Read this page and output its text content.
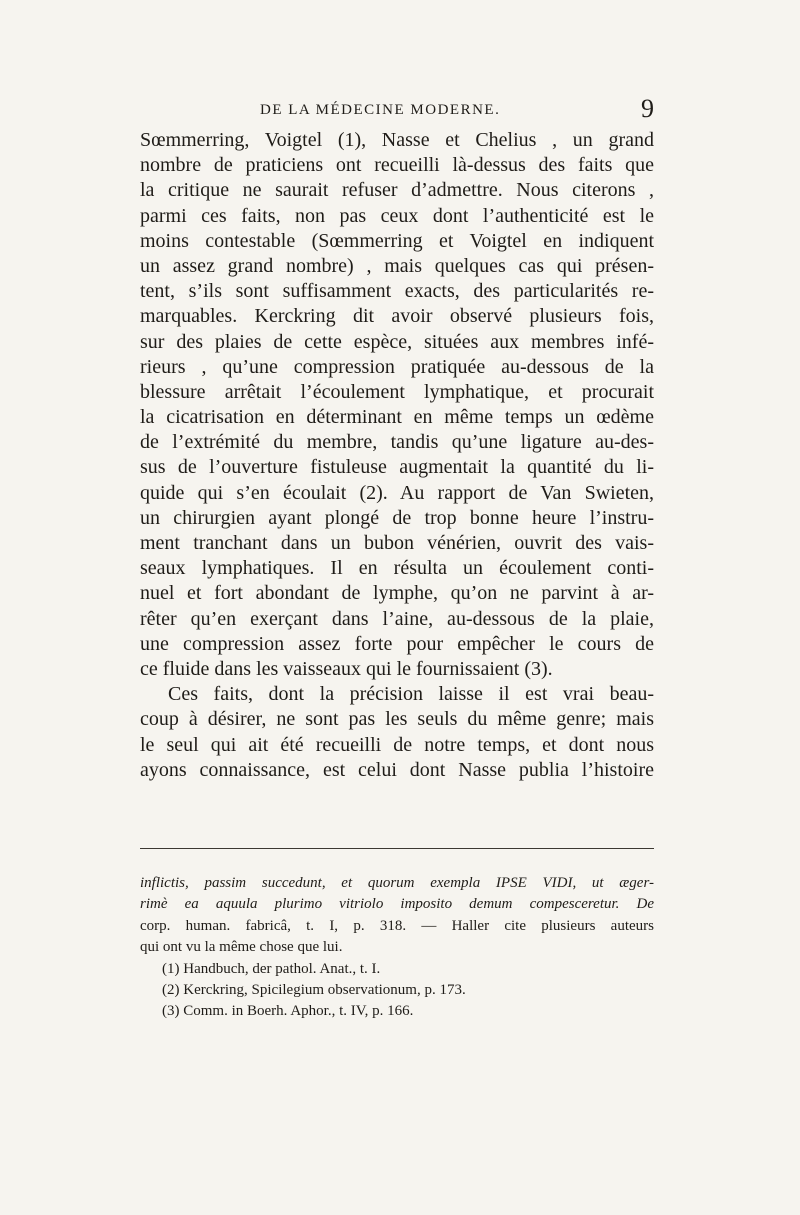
DE LA MÉDECINE MODERNE.	9
Sœmmerring, Voigtel (1), Nasse et Chelius , un grand
nombre de praticiens ont recueilli là-dessus des faits que
la critique ne saurait refuser d’admettre. Nous citerons ,
parmi ces faits, non pas ceux dont l’authenticité est le
moins contestable (Sœmmerring et Voigtel en indiquent
un assez grand nombre) , mais quelques cas qui présen-
tent, s’ils sont suffisamment exacts, des particularités re-
marquables. Kerckring dit avoir observé plusieurs fois,
sur des plaies de cette espèce, situées aux membres infé-
rieurs , qu’une compression pratiquée au-dessous de la
blessure arrêtait l’écoulement lymphatique, et procurait
la cicatrisation en déterminant en même temps un œdème
de l’extrémité du membre, tandis qu’une ligature au-des-
sus de l’ouverture fistuleuse augmentait la quantité du li-
quide qui s’en écoulait (2). Au rapport de Van Swieten,
un chirurgien ayant plongé de trop bonne heure l’instru-
ment tranchant dans un bubon vénérien, ouvrit des vais-
seaux lymphatiques. Il en résulta un écoulement conti-
nuel et fort abondant de lymphe, qu’on ne parvint à ar-
rêter qu’en exerçant dans l’aine, au-dessous de la plaie,
une compression assez forte pour empêcher le cours de
ce fluide dans les vaisseaux qui le fournissaient (3).
Ces faits, dont la précision laisse il est vrai beau-
coup à désirer, ne sont pas les seuls du même genre; mais
le seul qui ait été recueilli de notre temps, et dont nous
ayons connaissance, est celui dont Nasse publia l’histoire
inflictis, passim succedunt, et quorum exempla IPSE VIDI, ut æger-
rimè ea aquula plurimo vitriolo imposito demum compesceretur. De
corp. human. fabricâ, t. I, p. 318. — Haller cite plusieurs auteurs
qui ont vu la même chose que lui.
(1) Handbuch, der pathol. Anat., t. I.
(2) Kerckring, Spicilegium observationum, p. 173.
(3) Comm. in Boerh. Aphor., t. IV, p. 166.
